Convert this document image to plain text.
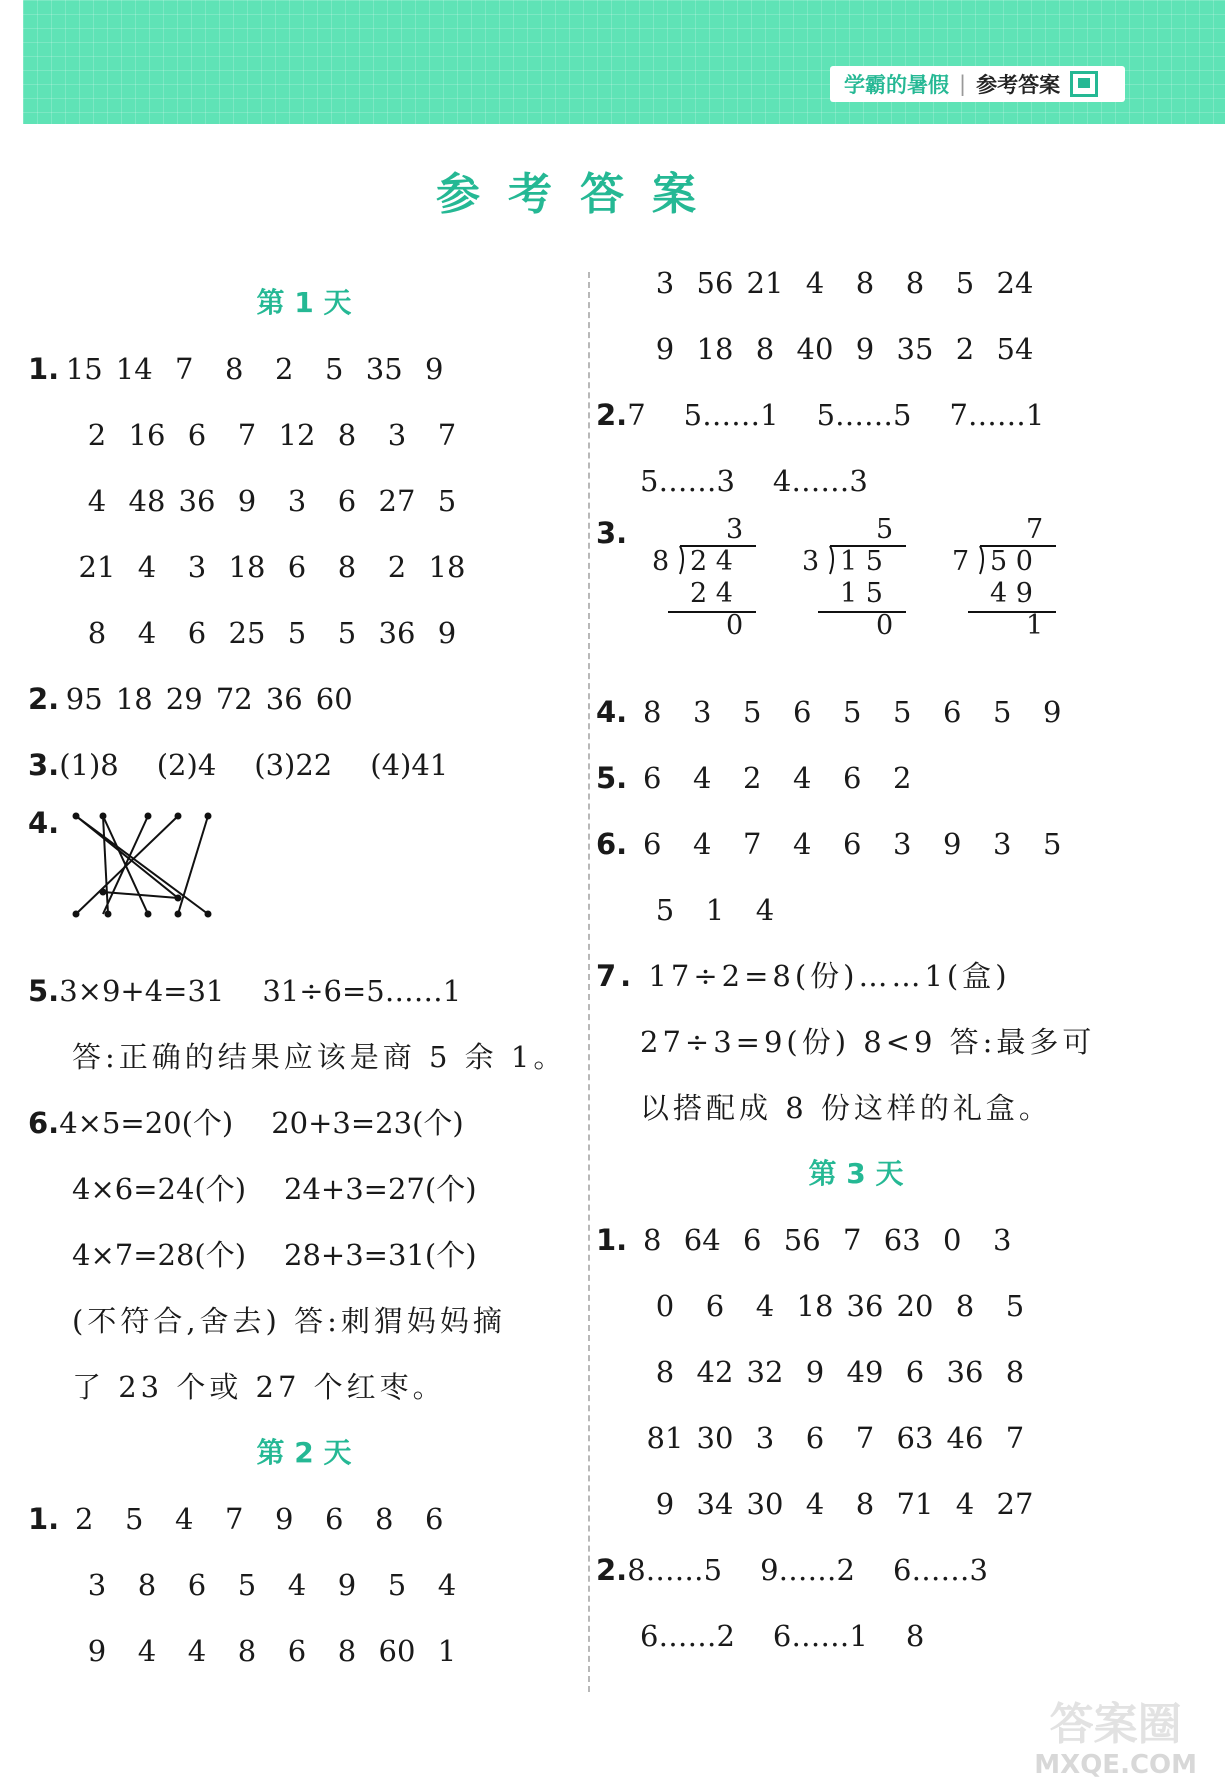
学霸的暑假 | 参考答案
参考答案
第 1 天
1. 15 14 7 8 2 5 35 9
2 16 6 7 12 8 3 7
4 48 36 9 3 6 27 5
21 4 3 18 6 8 2 18
8 4 6 25 5 5 36 9
2. 95 18 29 72 36 60
3.(1)8 (2)4 (3)22 (4)41
4.
5.3×9+4=31 31÷6=5……1
答:正确的结果应该是商 5 余 1。
6.4×5=20(个) 20+3=23(个)
4×6=24(个) 24+3=27(个)
4×7=28(个) 28+3=31(个)
(不符合,舍去) 答:刺猬妈妈摘
了 23 个或 27 个红枣。
第 2 天
1. 2 5 4 7 9 6 8 6
3 8 6 5 4 9 5 4
9 4 4 8 6 8 60 1
3 56 21 4 8 8 5 24
9 18 8 40 9 35 2 54
2.7 5……1 5……5 7……1
5……3 4……3
3.	3
8 2 4
2 4
0
5
3 1 5
1 5
0
7
7 5 0
4 9
1
4. 8 3 5 6 5 5 6 5 9
5. 6 4 2 4 6 2
6. 6 4 7 4 6 3 9 3 5
5 1 4
7. 17÷2=8(份)……1(盒)
27÷3=9(份) 8<9 答:最多可
以搭配成 8 份这样的礼盒。
第 3 天
1. 8 64 6 56 7 63 0 3
0 6 4 18 36 20 8 5
8 42 32 9 49 6 36 8
81 30 3 6 7 63 46 7
9 34 30 4 8 71 4 27
2.8……5 9……2 6……3
6……2 6……1 8
答案圈
MXQE.COM
